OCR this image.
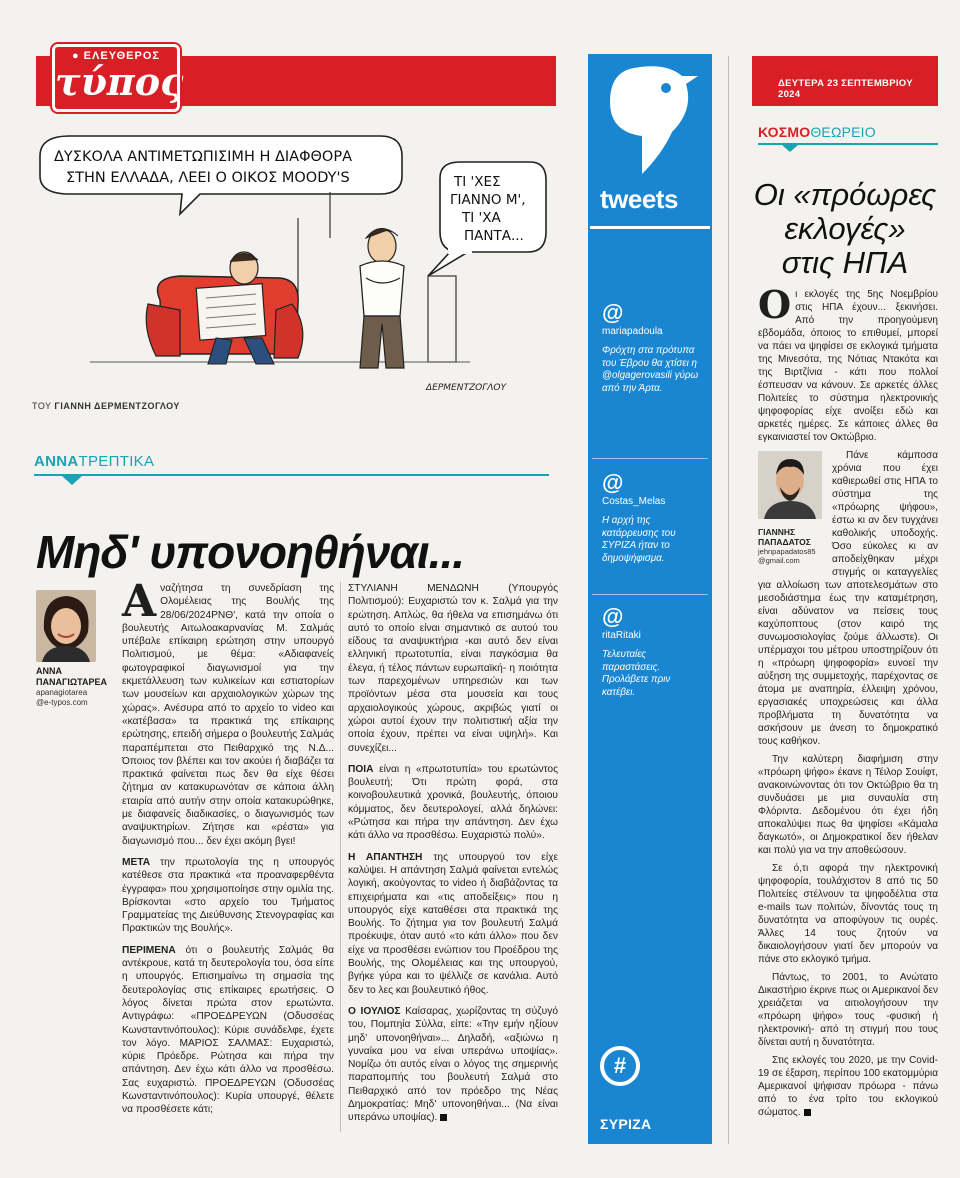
● ΕΛΕΥΘΕΡΟΣ
τύπος
ΔΥΣΚΟΛΑ ΑΝΤΙΜΕΤΩΠΙΣΙΜΗ Η ΔΙΑΦΘΟΡΑ
ΣΤΗΝ ΕΛΛΑΔΑ, ΛΕΕΙ Ο ΟΙΚΟΣ MOODY'S	ΤΙ 'ΧΕΣ
ΓΙΑΝΝΟ Μ',
ΤΙ 'ΧΑ
ΠΑΝΤΑ...
ΔΕΡΜΕΝΤΖΟΓΛΟΥ
ΤΟΥ ΓΙΑΝΝΗ ΔΕΡΜΕΝΤΖΟΓΛΟΥ
ΑΝΝΑΤΡΕΠΤΙΚΑ
Μηδ' υπονοηθήναι...
ΑΝΝΑ
ΠΑΝΑΓΙΩΤΑΡΕΑ
apanagiotarea
@e-typos.com

Αναζήτησα τη συνεδρίαση της Ολομέλειας της Βουλής της 28/06/2024ΡΝΘ', κατά την οποία ο βουλευτής Αιτωλοακαρνανίας Μ. Σαλμάς υπέβαλε επίκαιρη ερώτηση στην υπουργό Πολιτισμού, με θέμα: «Αδιαφανείς φωτογραφικοί διαγωνισμοί για την εκμετάλλευση των κυλικείων και εστιατορίων των μουσείων και αρχαιολογικών χώρων της χώρας». Ανέσυρα από το αρχείο το video και «κατέβασα» τα πρακτικά της επίκαιρης ερώτησης, επειδή σήμερα ο βουλευτής Σαλμάς παραπέμπεται στο Πειθαρχικό της Ν.Δ... Όποιος τον βλέπει και τον ακούει ή διαβάζει τα πρακτικά φαίνεται πως δεν θα είχε θέσει ζήτημα αν κατακυρωνόταν σε κάποια άλλη εταιρία από αυτήν στην οποία κατακυρώθηκε, με διαφανείς διαδικασίες, ο διαγωνισμός των αναψυκτηρίων. Ζήτησε και «ρέστα» για διαγωνισμό που... δεν έχει ακόμη βγει!

ΜΕΤΑ την πρωτολογία της η υπουργός κατέθεσε στα πρακτικά «τα προαναφερθέντα έγγραφα» που χρησιμοποίησε στην ομιλία της. Βρίσκονται «στο αρχείο του Τμήματος Γραμματείας της Διεύθυνσης Στενογραφίας και Πρακτικών της Βουλής».

ΠΕΡΙΜΕΝΑ ότι ο βουλευτής Σαλμάς θα αντέκρουε, κατά τη δευτερολογία του, όσα είπε η υπουργός. Επισημαίνω τη σημασία της δευτερολογίας στις επίκαιρες ερωτήσεις. Ο λόγος δίνεται πρώτα στον ερωτώντα. Αντιγράφω: «ΠΡΟΕΔΡΕΥΩΝ (Οδυσσέας Κωνσταντινόπουλος): Κύριε συνάδελφε, έχετε τον λόγο. ΜΑΡΙΟΣ ΣΑΛΜΑΣ: Ευχαριστώ, κύριε Πρόεδρε. Ρώτησα και πήρα την απάντηση. Δεν έχω κάτι άλλο να προσθέσω. Σας ευχαριστώ. ΠΡΟΕΔΡΕΥΩΝ (Οδυσσέας Κωνσταντινόπουλος): Κυρία υπουργέ, θέλετε να προσθέσετε κάτι;

ΣΤΥΛΙΑΝΗ ΜΕΝΔΩΝΗ (Υπουργός Πολιτισμού): Ευχαριστώ τον κ. Σαλμά για την ερώτηση. Απλώς, θα ήθελα να επισημάνω ότι αυτό το οποίο είναι σημαντικό σε αυτού του είδους τα αναψυκτήρια -και αυτό δεν είναι ελληνική πρωτοτυπία, είναι παγκόσμια θα έλεγα, ή τέλος πάντων ευρωπαϊκή- η ποιότητα των παρεχομένων υπηρεσιών και των προϊόντων μέσα στα μουσεία και τους αρχαιολογικούς χώρους, ακριβώς γιατί οι χώροι αυτοί έχουν την πολιτιστική αξία την οποία έχουν, πρέπει να είναι υψηλή». Και συνεχίζει...

ΠΟΙΑ είναι η «πρωτοτυπία» του ερωτώντος βουλευτή; Ότι πρώτη φορά, στα κοινοβουλευτικά χρονικά, βουλευτής, όποιου κόμματος, δεν δευτερολογεί, αλλά δηλώνει: «Ρώτησα και πήρα την απάντηση. Δεν έχω κάτι άλλο να προσθέσω. Ευχαριστώ πολύ».

Η ΑΠΑΝΤΗΣΗ της υπουργού τον είχε καλύψει. Η απάντηση Σαλμά φαίνεται εντελώς λογική, ακούγοντας το video ή διαβάζοντας τα επιχειρήματα και «τις αποδείξεις» που η υπουργός είχε καταθέσει στα πρακτικά της Βουλής. Το ζήτημα για τον βουλευτή Σαλμά προέκυψε, όταν αυτό «το κάτι άλλο» που δεν είχε να προσθέσει ενώπιον του Προέδρου της Βουλής, της Ολομέλειας και της υπουργού, βγήκε γύρα και το ψέλλιζε σε κανάλια. Αυτό δεν το λες και βουλευτικό ήθος.

Ο ΙΟΥΛΙΟΣ Καίσαρας, χωρίζοντας τη σύζυγό του, Πομπηία Σύλλα, είπε: «Την εμήν ηξίουν μηδ' υπονοηθήναι»... Δηλαδή, «αξιώνω η γυναίκα μου να είναι υπεράνω υποψίας». Νομίζω ότι αυτός είναι ο λόγος της σημερινής παραπομπής του βουλευτή Σαλμά στο Πειθαρχικό από τον πρόεδρο της Νέας Δημοκρατίας: Μηδ' υπονοηθήναι... (Να είναι υπεράνω υποψίας).

tweets
@
mariapadoula
Φρόχτη στα πρότυπα του Έβρου θα χτίσει η @olgagerovasili γύρω από την Άρτα.
@
Costas_Melas
Η αρχή της κατάρρευσης του ΣΥΡΙΖΑ ήταν το δημοψήφισμα.
@
ritaRitaki
Τελευταίες παραστάσεις. Προλάβετε πριν κατέβει.
#
ΣΥΡΙΖΑ
ΔΕΥΤΕΡΑ 23 ΣΕΠΤΕΜΒΡΙΟΥ 2024
ΚΟΣΜΟΘΕΩΡΕΙΟ
Οι «πρόωρες
εκλογές»
στις ΗΠΑ

Οι εκλογές της 5ης Νοεμβρίου στις ΗΠΑ έχουν... ξεκινήσει. Από την προηγούμενη εβδομάδα, όποιος το επιθυμεί, μπορεί να πάει να ψηφίσει σε εκλογικά τμήματα της Μινεσότα, της Νότιας Ντακότα και της Βιρτζίνια - κάτι που πολλοί έσπευσαν να κάνουν. Σε αρκετές άλλες Πολιτείες το σύστημα ηλεκτρονικής ψηφοφορίας είχε ανοίξει εδώ και αρκετές ημέρες. Σε κάποιες άλλες θα εγκαινιαστεί τον Οκτώβριο.

ΓΙΑΝΝΗΣ
ΠΑΠΑΔΑΤΟΣ
jehnpapadatos85
@gmail.com

Πάνε κάμποσα χρόνια που έχει καθιερωθεί στις ΗΠΑ το σύστημα της «πρόωρης ψήφου», έστω κι αν δεν τυγχάνει καθολικής υποδοχής. Όσο εύκολες κι αν αποδείχθηκαν μέχρι στιγμής οι καταγγελίες για αλλοίωση των αποτελεσμάτων στο μεσοδιάστημα έως την καταμέτρηση, είναι αδύνατον να πείσεις τους καχύποπτους (στον καιρό της συνωμοσιολογίας ζούμε άλλωστε). Οι υπέρμαχοι του μέτρου υποστηρίζουν ότι η «πρόωρη ψηφοφορία» ευνοεί την αύξηση της συμμετοχής, παρέχοντας σε άτομα με αναπηρία, έλλειψη χρόνου, εργασιακές υποχρεώσεις και άλλα προβλήματα τη δυνατότητα να ασκήσουν με άνεση το δημοκρατικό τους καθήκον.

Την καλύτερη διαφήμιση στην «πρόωρη ψήφο» έκανε η Τέιλορ Σουίφτ, ανακοινώνοντας ότι τον Οκτώβριο θα τη συνδυάσει με μια συναυλία στη Φλόριντα. Δεδομένου ότι έχει ήδη αποκαλύψει πως θα ψηφίσει «Κάμαλα δαγκωτό», οι Δημοκρατικοί δεν ήθελαν και πολύ για να την αποθεώσουν.

Σε ό,τι αφορά την ηλεκτρονική ψηφοφορία, τουλάχιστον 8 από τις 50 Πολιτείες στέλνουν τα ψηφοδέλτια στα e-mails των πολιτών, δίνοντάς τους τη δυνατότητα να αποφύγουν τις ουρές. Άλλες 14 τους ζητούν να δικαιολογήσουν γιατί δεν μπορούν να πάνε στο εκλογικό τμήμα.

Πάντως, το 2001, το Ανώτατο Δικαστήριο έκρινε πως οι Αμερικανοί δεν χρειάζεται να αιτιολογήσουν την «πρόωρη ψήφο» τους -φυσική ή ηλεκτρονική- από τη στιγμή που τους δίνεται αυτή η δυνατότητα.

Στις εκλογές του 2020, με την Covid-19 σε έξαρση, περίπου 100 εκατομμύρια Αμερικανοί ψήφισαν πρόωρα - πάνω από το ένα τρίτο του εκλογικού σώματος.
